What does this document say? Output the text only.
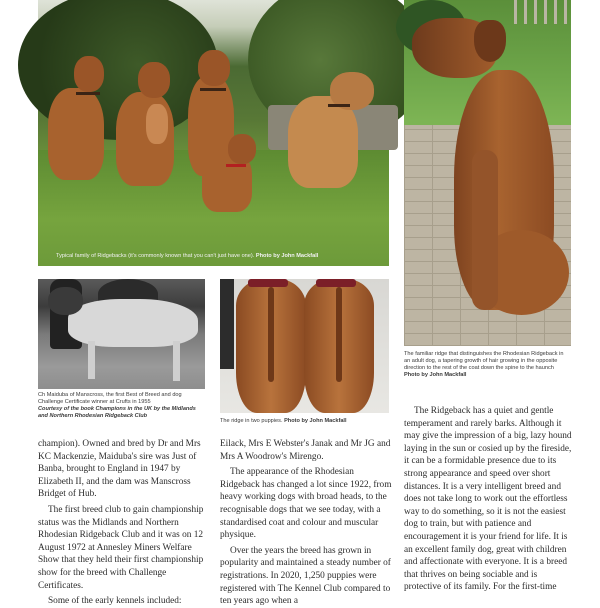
Typical family of Ridgebacks (it's commonly known that you can't just have one). Photo by John Mackfall
The familiar ridge that distinguishes the Rhodesian Ridgeback in an adult dog, a tapering growth of hair growing in the opposite direction to the rest of the coat down the spine to the haunch
Photo by John Mackfall
Ch Maiduba of Manscross, the first Best of Breed and dog Challenge Certificate winner at Crufts in 1955
Courtesy of the book Champions in the UK by the Midlands and Northern Rhodesian Ridgeback Club
The ridge in two puppies. Photo by John Mackfall

champion). Owned and bred by Dr and Mrs KC Mackenzie, Maiduba's sire was Just of Banba, brought to England in 1947 by Elizabeth II, and the dam was Manscross Bridget of Hub.

The first breed club to gain championship status was the Midlands and Northern Rhodesian Ridgeback Club and it was on 12 August 1972 at Annesley Miners Welfare Show that they held their first championship show for the breed with Challenge Certificates.

Some of the early kennels included:

Eilack, Mrs E Webster's Janak and Mr JG and Mrs A Woodrow's Mirengo.

The appearance of the Rhodesian Ridgeback has changed a lot since 1922, from heavy working dogs with broad heads, to the recognisable dogs that we see today, with a standardised coat and colour and muscular physique.

Over the years the breed has grown in popularity and maintained a steady number of registrations. In 2020, 1,250 puppies were registered with The Kennel Club compared to ten years ago when a

The Ridgeback has a quiet and gentle temperament and rarely barks. Although it may give the impression of a big, lazy hound laying in the sun or cosied up by the fireside, it can be a formidable presence due to its strong appearance and speed over short distances. It is a very intelligent breed and does not take long to work out the effortless way to do something, so it is not the easiest dog to train, but with patience and encouragement it is your friend for life. It is an excellent family dog, great with children and affectionate with everyone. It is a breed that thrives on being sociable and is protective of its family. For the first-time
